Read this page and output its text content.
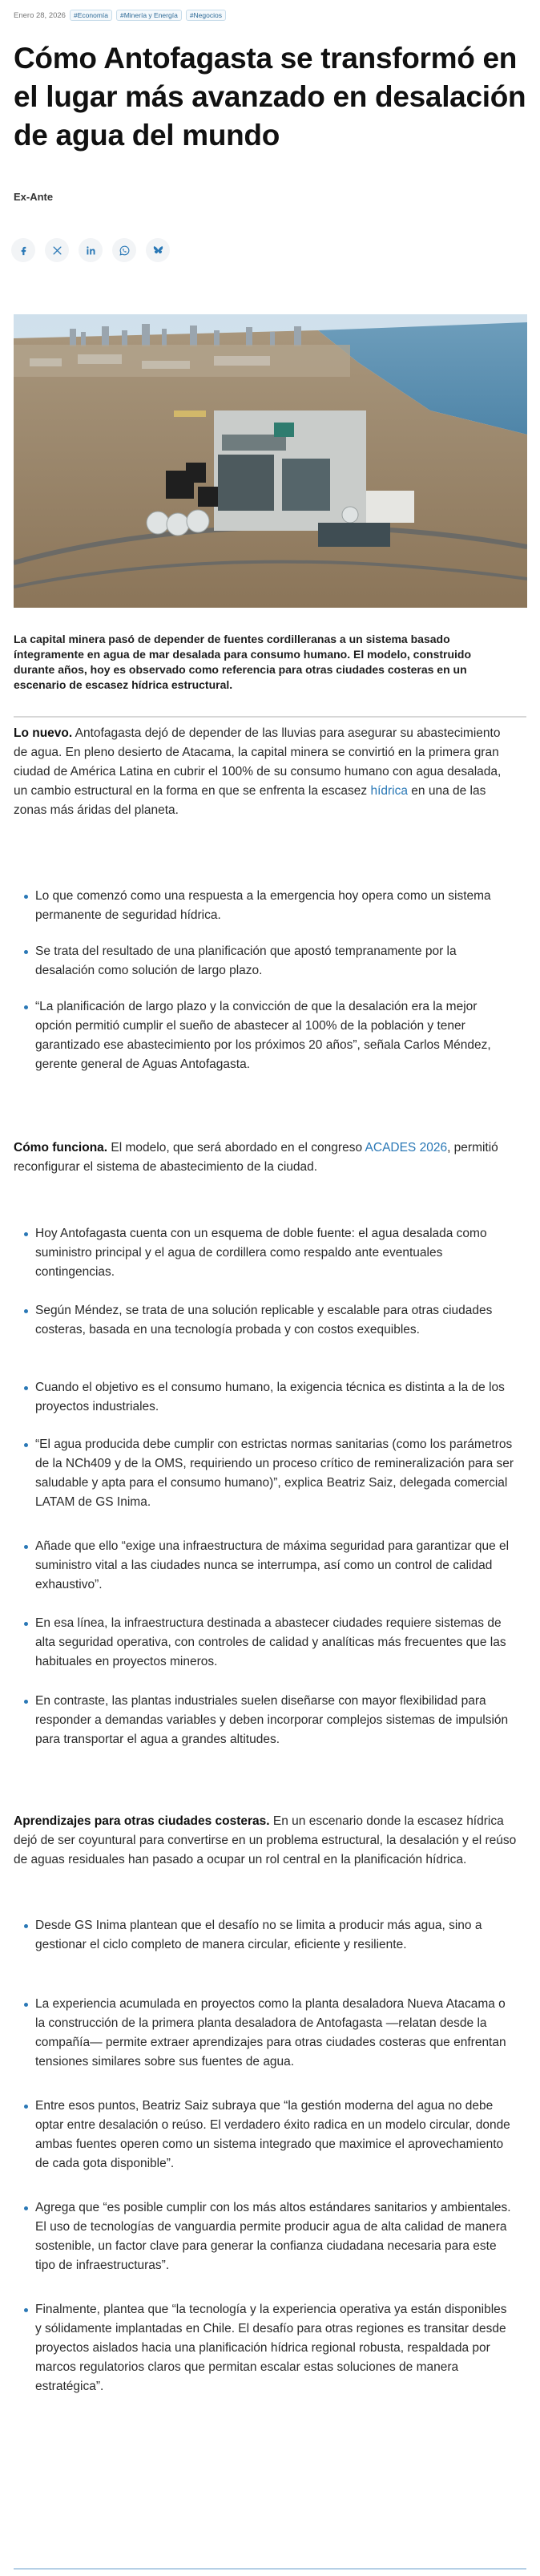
Enero 28, 2026	#Economía	#Minería y Energía	#Negocios
Cómo Antofagasta se transformó en el lugar más avanzado en desalación de agua del mundo
Ex-Ante

La capital minera pasó de depender de fuentes cordilleranas a un sistema basado íntegramente en agua de mar desalada para consumo humano. El modelo, construido durante años, hoy es observado como referencia para otras ciudades costeras en un escenario de escasez hídrica estructural.

Lo nuevo. Antofagasta dejó de depender de las lluvias para asegurar su abastecimiento de agua. En pleno desierto de Atacama, la capital minera se convirtió en la primera gran ciudad de América Latina en cubrir el 100% de su consumo humano con agua desalada, un cambio estructural en la forma en que se enfrenta la escasez hídrica en una de las zonas más áridas del planeta.

Lo que comenzó como una respuesta a la emergencia hoy opera como un sistema permanente de seguridad hídrica.
Se trata del resultado de una planificación que apostó tempranamente por la desalación como solución de largo plazo.
“La planificación de largo plazo y la convicción de que la desalación era la mejor opción permitió cumplir el sueño de abastecer al 100% de la población y tener garantizado ese abastecimiento por los próximos 20 años”, señala Carlos Méndez, gerente general de Aguas Antofagasta.

Cómo funciona. El modelo, que será abordado en el congreso ACADES 2026, permitió reconfigurar el sistema de abastecimiento de la ciudad.

Hoy Antofagasta cuenta con un esquema de doble fuente: el agua desalada como suministro principal y el agua de cordillera como respaldo ante eventuales contingencias.
Según Méndez, se trata de una solución replicable y escalable para otras ciudades costeras, basada en una tecnología probada y con costos exequibles.
Cuando el objetivo es el consumo humano, la exigencia técnica es distinta a la de los proyectos industriales.
“El agua producida debe cumplir con estrictas normas sanitarias (como los parámetros de la NCh409 y de la OMS, requiriendo un proceso crítico de remineralización para ser saludable y apta para el consumo humano)”, explica Beatriz Saiz, delegada comercial LATAM de GS Inima.
Añade que ello “exige una infraestructura de máxima seguridad para garantizar que el suministro vital a las ciudades nunca se interrumpa, así como un control de calidad exhaustivo”.
En esa línea, la infraestructura destinada a abastecer ciudades requiere sistemas de alta seguridad operativa, con controles de calidad y analíticas más frecuentes que las habituales en proyectos mineros.
En contraste, las plantas industriales suelen diseñarse con mayor flexibilidad para responder a demandas variables y deben incorporar complejos sistemas de impulsión para transportar el agua a grandes altitudes.

Aprendizajes para otras ciudades costeras. En un escenario donde la escasez hídrica dejó de ser coyuntural para convertirse en un problema estructural, la desalación y el reúso de aguas residuales han pasado a ocupar un rol central en la planificación hídrica.

Desde GS Inima plantean que el desafío no se limita a producir más agua, sino a gestionar el ciclo completo de manera circular, eficiente y resiliente.
La experiencia acumulada en proyectos como la planta desaladora Nueva Atacama o la construcción de la primera planta desaladora de Antofagasta —relatan desde la compañía— permite extraer aprendizajes para otras ciudades costeras que enfrentan tensiones similares sobre sus fuentes de agua.
Entre esos puntos, Beatriz Saiz subraya que “la gestión moderna del agua no debe optar entre desalación o reúso. El verdadero éxito radica en un modelo circular, donde ambas fuentes operen como un sistema integrado que maximice el aprovechamiento de cada gota disponible”.
Agrega que “es posible cumplir con los más altos estándares sanitarios y ambientales. El uso de tecnologías de vanguardia permite producir agua de alta calidad de manera sostenible, un factor clave para generar la confianza ciudadana necesaria para este tipo de infraestructuras”.
Finalmente, plantea que “la tecnología y la experiencia operativa ya están disponibles y sólidamente implantadas en Chile. El desafío para otras regiones es transitar desde proyectos aislados hacia una planificación hídrica regional robusta, respaldada por marcos regulatorios claros que permitan escalar estas soluciones de manera estratégica”.
